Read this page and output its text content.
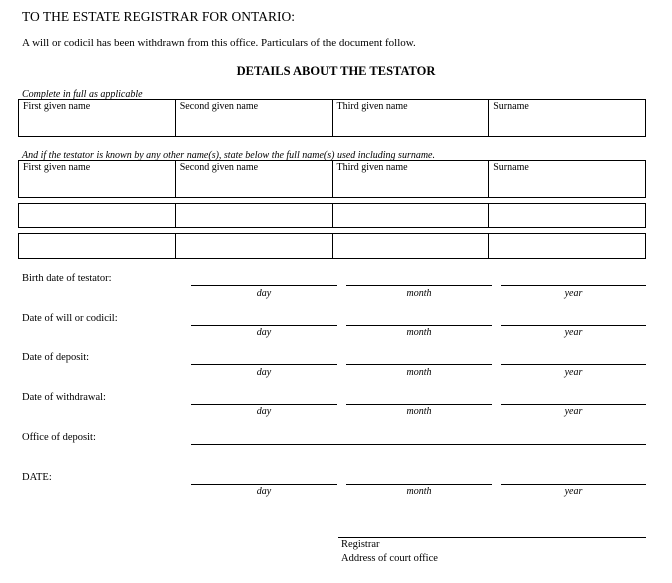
TO THE ESTATE REGISTRAR FOR ONTARIO:
A will or codicil has been withdrawn from this office. Particulars of the document follow.
DETAILS ABOUT THE TESTATOR
Complete in full as applicable
First given name	Second given name	Third given name	Surname
And if the testator is known by any other name(s), state below the full name(s) used including surname.
First given name	Second given name	Third given name	Surname
Birth date of testator:
day	month	year
Date of will or codicil:
day	month	year
Date of deposit:
day	month	year
Date of withdrawal:
day	month	year
Office of deposit:
DATE:
day	month	year
Registrar
Address of court office
